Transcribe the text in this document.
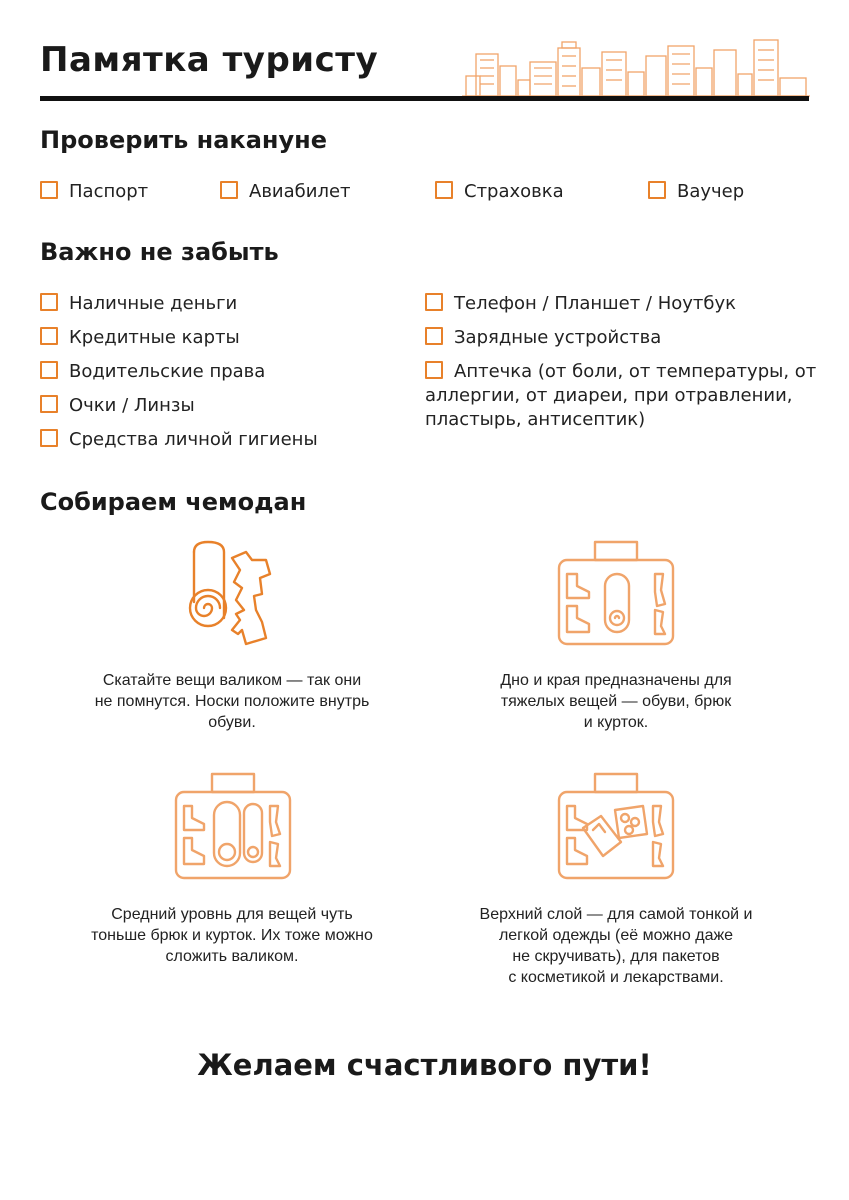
Памятка туристу
Проверить накануне
Паспорт	Авиабилет	Страховка	Ваучер
Важно не забыть
Наличные деньги
Кредитные карты
Водительские права
Очки / Линзы
Средства личной гигиены
Телефон / Планшет / Ноутбук
Зарядные устройства
Аптечка (от боли, от температуры, от
аллергии, от диареи, при отравлении,
пластырь, антисептик)
Собираем чемодан
Скатайте вещи валиком — так они
не помнутся. Носки положите внутрь
обуви.
Дно и края предназначены для
тяжелых вещей — обуви, брюк
и курток.
Средний уровнь для вещей чуть
тоньше брюк и курток. Их тоже можно
сложить валиком.
Верхний слой — для самой тонкой и
легкой одежды (её можно даже
не скручивать), для пакетов
с косметикой и лекарствами.
Желаем счастливого пути!
